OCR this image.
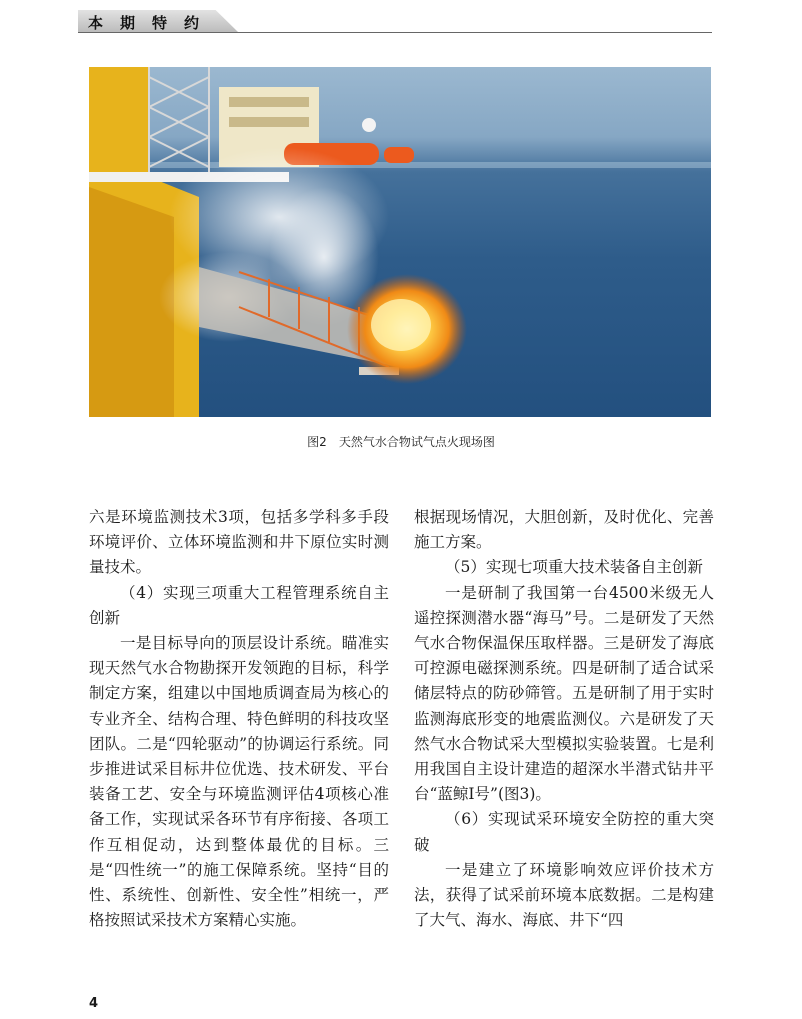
本期特约
图2 天然气水合物试气点火现场图

六是环境监测技术3项，包括多学科多手段环境评价、立体环境监测和井下原位实时测量技术。

（4）实现三项重大工程管理系统自主创新

一是目标导向的顶层设计系统。瞄准实现天然气水合物勘探开发领跑的目标，科学制定方案，组建以中国地质调查局为核心的专业齐全、结构合理、特色鲜明的科技攻坚团队。二是“四轮驱动”的协调运行系统。同步推进试采目标井位优选、技术研发、平台装备工艺、安全与环境监测评估4项核心准备工作，实现试采各环节有序衔接、各项工作互相促动，达到整体最优的目标。三是“四性统一”的施工保障系统。坚持“目的性、系统性、创新性、安全性”相统一，严格按照试采技术方案精心实施。

根据现场情况，大胆创新，及时优化、完善施工方案。

（5）实现七项重大技术装备自主创新

一是研制了我国第一台4500米级无人遥控探测潜水器“海马”号。二是研发了天然气水合物保温保压取样器。三是研发了海底可控源电磁探测系统。四是研制了适合试采储层特点的防砂筛管。五是研制了用于实时监测海底形变的地震监测仪。六是研发了天然气水合物试采大型模拟实验装置。七是利用我国自主设计建造的超深水半潜式钻井平台“蓝鲸Ⅰ号”(图3)。

（6）实现试采环境安全防控的重大突破

一是建立了环境影响效应评价技术方法，获得了试采前环境本底数据。二是构建了大气、海水、海底、井下“四

4
